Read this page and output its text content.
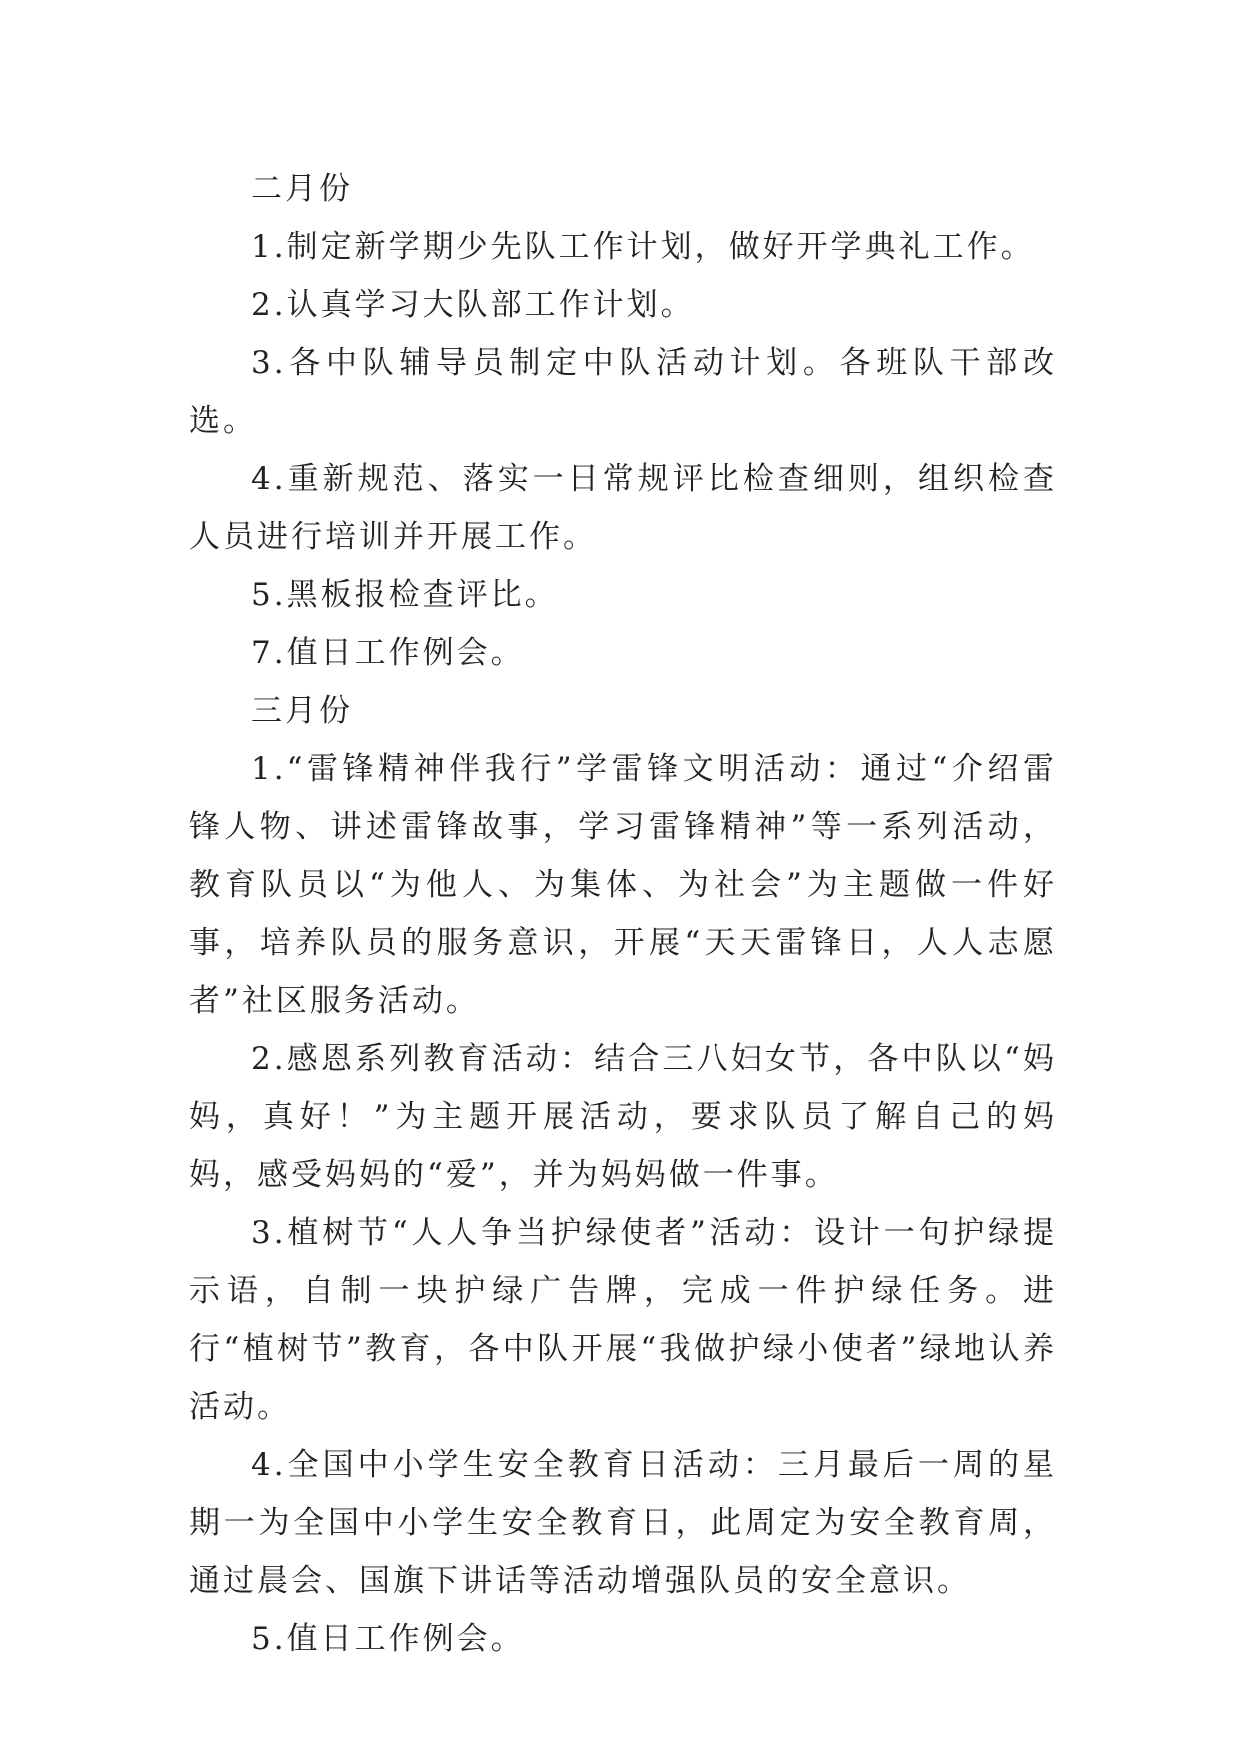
二月份

1.制定新学期少先队工作计划，做好开学典礼工作。

2.认真学习大队部工作计划。

3.各中队辅导员制定中队活动计划。各班队干部改选。

4.重新规范、落实一日常规评比检查细则，组织检查人员进行培训并开展工作。

5.黑板报检查评比。

7.值日工作例会。

三月份

1.“雷锋精神伴我行”学雷锋文明活动：通过“介绍雷锋人物、讲述雷锋故事，学习雷锋精神”等一系列活动，教育队员以“为他人、为集体、为社会”为主题做一件好事，培养队员的服务意识，开展“天天雷锋日，人人志愿者”社区服务活动。

2.感恩系列教育活动：结合三八妇女节，各中队以“妈妈，真好！”为主题开展活动，要求队员了解自己的妈妈，感受妈妈的“爱”，并为妈妈做一件事。

3.植树节“人人争当护绿使者”活动：设计一句护绿提示语，自制一块护绿广告牌，完成一件护绿任务。进行“植树节”教育，各中队开展“我做护绿小使者”绿地认养活动。

4.全国中小学生安全教育日活动：三月最后一周的星期一为全国中小学生安全教育日，此周定为安全教育周，通过晨会、国旗下讲话等活动增强队员的安全意识。

5.值日工作例会。
